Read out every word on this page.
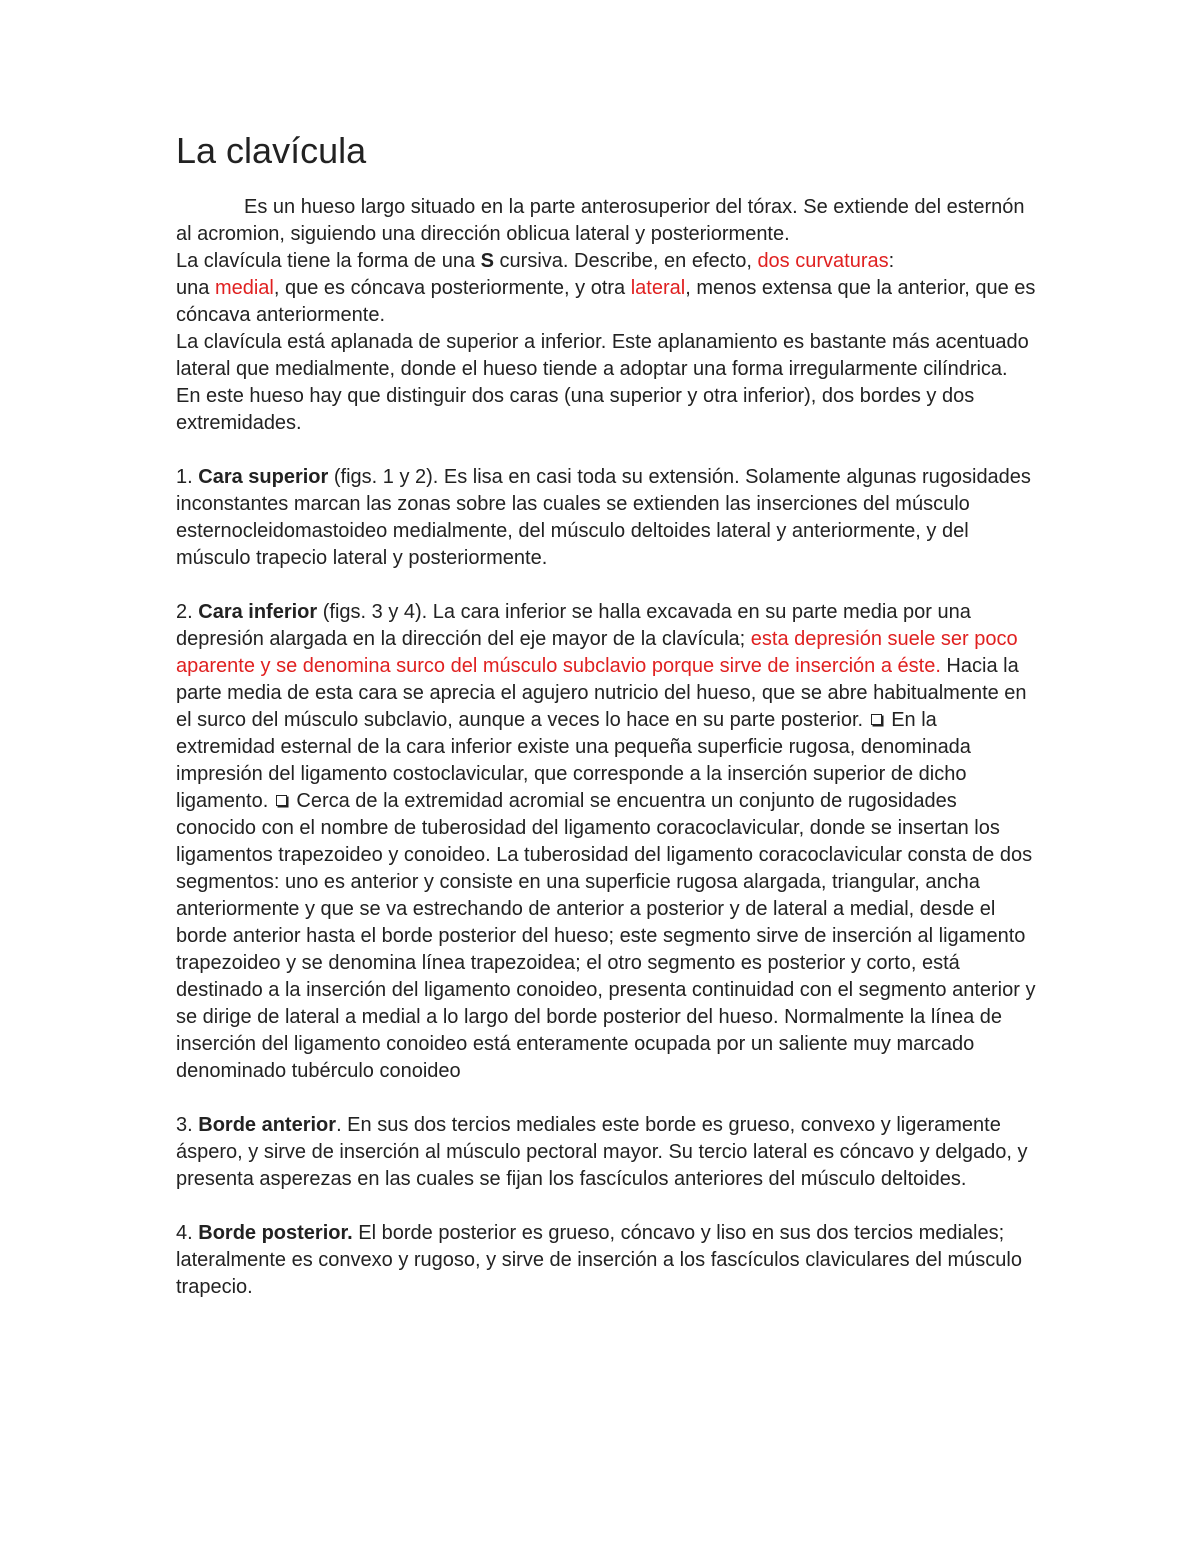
La clavícula

Es un hueso largo situado en la parte anterosuperior del tórax. Se extiende del esternón al acromion, siguiendo una dirección oblicua lateral y posteriormente.

La clavícula tiene la forma de una S cursiva. Describe, en efecto, dos curvaturas:
una medial, que es cóncava posteriormente, y otra lateral, menos extensa que la anterior, que es cóncava anteriormente.

La clavícula está aplanada de superior a inferior. Este aplanamiento es bastante más acentuado lateral que medialmente, donde el hueso tiende a adoptar una forma irregularmente cilíndrica. En este hueso hay que distinguir dos caras (una superior y otra inferior), dos bordes y dos extremidades.

1. Cara superior (figs. 1 y 2). Es lisa en casi toda su extensión. Solamente algunas rugosidades inconstantes marcan las zonas sobre las cuales se extienden las inserciones del músculo esternocleidomastoideo medialmente, del músculo deltoides lateral y anteriormente, y del músculo trapecio lateral y posteriormente.

2. Cara inferior (figs. 3 y 4). La cara inferior se halla excavada en su parte media por una depresión alargada en la dirección del eje mayor de la clavícula; esta depresión suele ser poco aparente y se denomina surco del músculo subclavio porque sirve de inserción a éste. Hacia la parte media de esta cara se aprecia el agujero nutricio del hueso, que se abre habitualmente en el surco del músculo subclavio, aunque a veces lo hace en su parte posterior.  En la extremidad esternal de la cara inferior existe una pequeña superficie rugosa, denominada impresión del ligamento costoclavicular, que corresponde a la inserción superior de dicho ligamento.  Cerca de la extremidad acromial se encuentra un conjunto de rugosidades conocido con el nombre de tuberosidad del ligamento coracoclavicular, donde se insertan los ligamentos trapezoideo y conoideo. La tuberosidad del ligamento coracoclavicular consta de dos segmentos: uno es anterior y consiste en una superficie rugosa alargada, triangular, ancha anteriormente y que se va estrechando de anterior a posterior y de lateral a medial, desde el borde anterior hasta el borde posterior del hueso; este segmento sirve de inserción al ligamento trapezoideo y se denomina línea trapezoidea; el otro segmento es posterior y corto, está destinado a la inserción del ligamento conoideo, presenta continuidad con el segmento anterior y se dirige de lateral a medial a lo largo del borde posterior del hueso. Normalmente la línea de inserción del ligamento conoideo está enteramente ocupada por un saliente muy marcado denominado tubérculo conoideo

3. Borde anterior. En sus dos tercios mediales este borde es grueso, convexo y ligeramente áspero, y sirve de inserción al músculo pectoral mayor. Su tercio lateral es cóncavo y delgado, y presenta asperezas en las cuales se fijan los fascículos anteriores del músculo deltoides.

4. Borde posterior. El borde posterior es grueso, cóncavo y liso en sus dos tercios mediales; lateralmente es convexo y rugoso, y sirve de inserción a los fascículos claviculares del músculo trapecio.
